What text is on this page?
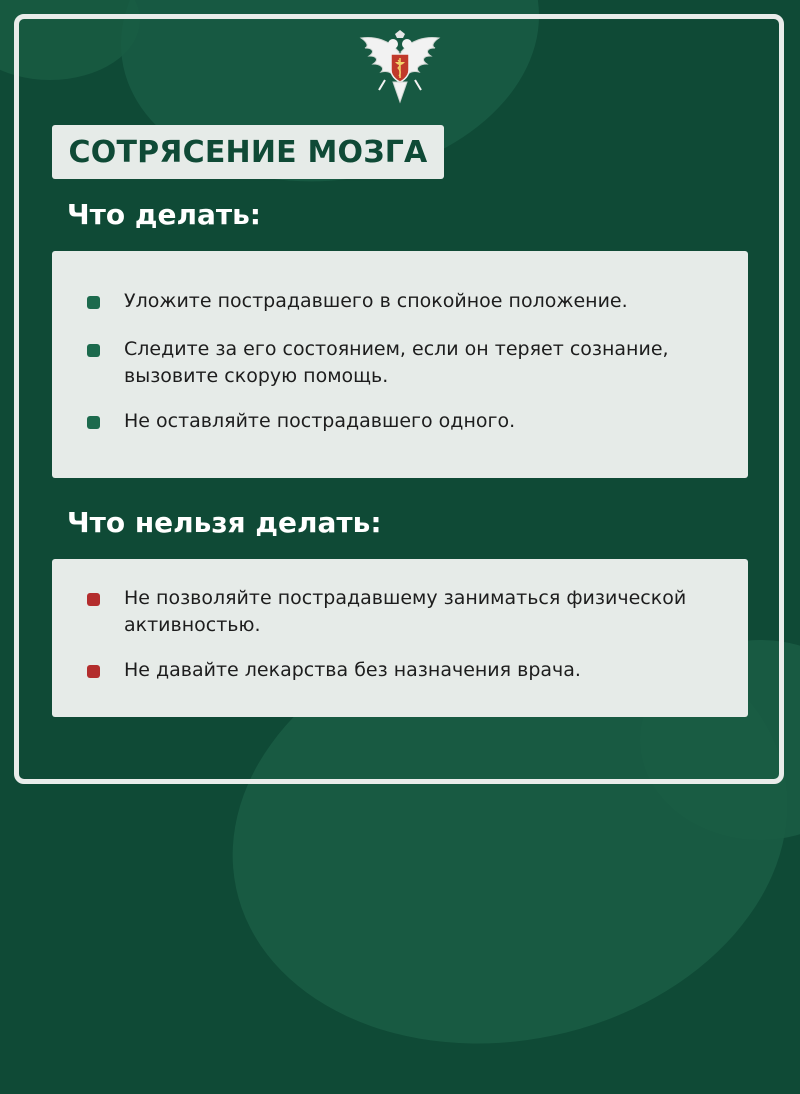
СОТРЯСЕНИЕ МОЗГА
Что делать:
Уложите пострадавшего в спокойное положение.
Следите за его состоянием, если он теряет сознание, вызовите скорую помощь.
Не оставляйте пострадавшего одного.
Что нельзя делать:
Не позволяйте пострадавшему заниматься физической активностью.
Не давайте лекарства без назначения врача.
